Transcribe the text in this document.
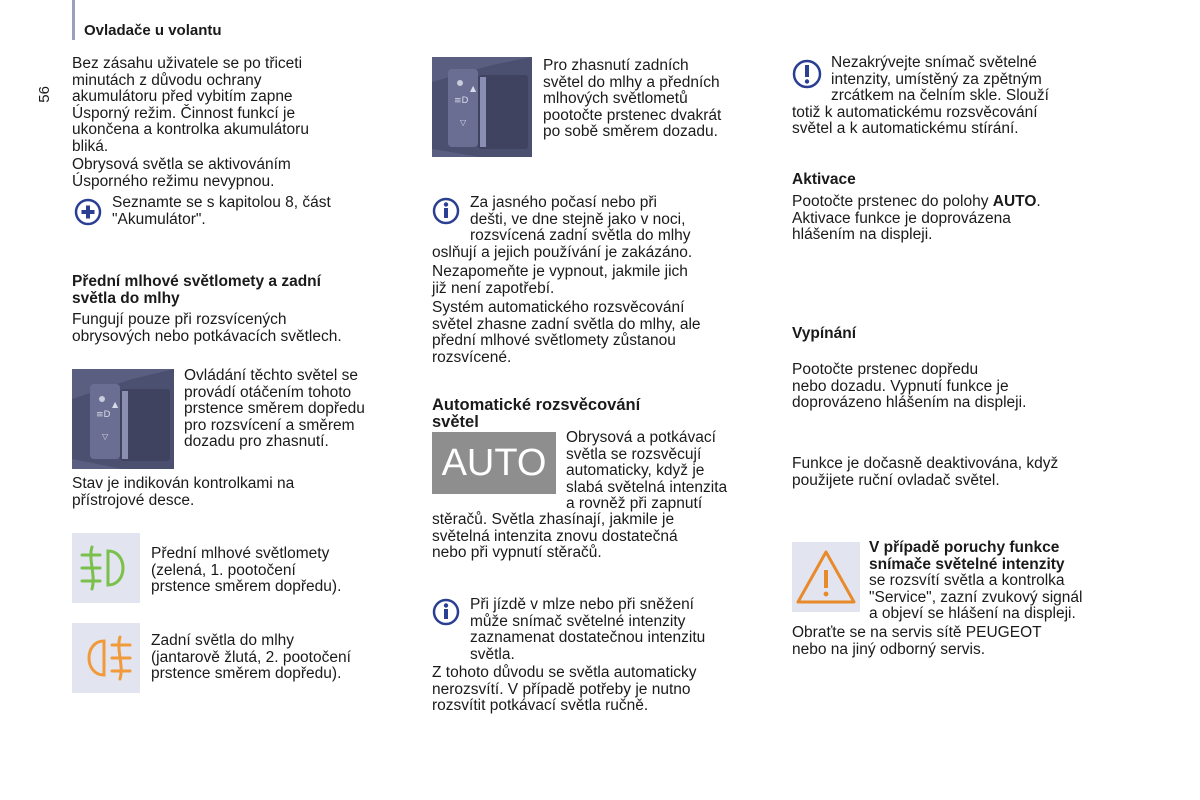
56
Ovladače u volantu
Bez zásahu uživatele se po třiceti
minutách z důvodu ochrany
akumulátoru před vybitím zapne
Úsporný režim. Činnost funkcí je
ukončena a kontrolka akumulátoru
bliká.
Obrysová světla se aktivováním
Úsporného režimu nevypnou.
Seznamte se s kapitolou 8, část
"Akumulátor".
Přední mlhové světlomety a zadní
světla do mlhy
Fungují pouze při rozsvícených
obrysových nebo potkávacích světlech.
≡D
▲
▽
Ovládání těchto světel se
provádí otáčením tohoto
prstence směrem dopředu
pro rozsvícení a směrem
dozadu pro zhasnutí.
Stav je indikován kontrolkami na
přístrojové desce.
Přední mlhové světlomety
(zelená, 1. pootočení
prstence směrem dopředu).
Zadní světla do mlhy
(jantarově žlutá, 2. pootočení
prstence směrem dopředu).
≡D
▲
▽
Pro zhasnutí zadních
světel do mlhy a předních
mlhových světlometů
pootočte prstenec dvakrát
po sobě směrem dozadu.
Za jasného počasí nebo při
dešti, ve dne stejně jako v noci,
rozsvícená zadní světla do mlhy
oslňují a jejich používání je zakázáno.
Nezapomeňte je vypnout, jakmile jich
již není zapotřebí.
Systém automatického rozsvěcování
světel zhasne zadní světla do mlhy, ale
přední mlhové světlomety zůstanou
rozsvícené.
Automatické rozsvěcování
světel
AUTO
Obrysová a potkávací
světla se rozsvěcují
automaticky, když je
slabá světelná intenzita
a rovněž při zapnutí
stěračů. Světla zhasínají, jakmile je
světelná intenzita znovu dostatečná
nebo při vypnutí stěračů.
Při jízdě v mlze nebo při sněžení
může snímač světelné intenzity
zaznamenat dostatečnou intenzitu
světla.
Z tohoto důvodu se světla automaticky
nerozsvítí. V případě potřeby je nutno
rozsvítit potkávací světla ručně.
Nezakrývejte snímač světelné
intenzity, umístěný za zpětným
zrcátkem na čelním skle. Slouží
totiž k automatickému rozsvěcování
světel a k automatickému stírání.
Aktivace
Pootočte prstenec do polohy AUTO.
Aktivace funkce je doprovázena
hlášením na displeji.
Vypínání
Pootočte prstenec dopředu
nebo dozadu. Vypnutí funkce je
doprovázeno hlášením na displeji.
Funkce je dočasně deaktivována, když
použijete ruční ovladač světel.
V případě poruchy funkce
snímače světelné intenzity
se rozsvítí světla a kontrolka
"Service", zazní zvukový signál
a objeví se hlášení na displeji.
Obraťte se na servis sítě PEUGEOT
nebo na jiný odborný servis.
